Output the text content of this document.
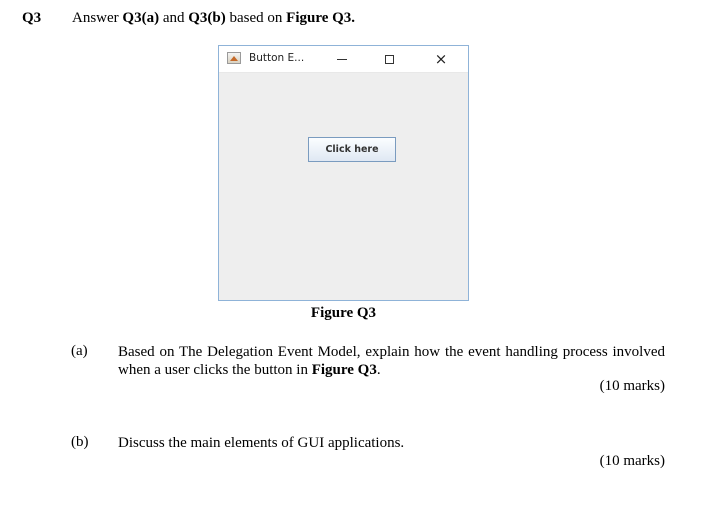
Q3 Answer Q3(a) and Q3(b) based on Figure Q3.
Button E...	×
Click here
Figure Q3
(a) Based on The Delegation Event Model, explain how the event handling process involved when a user clicks the button in Figure Q3.
(10 marks)
(b) Discuss the main elements of GUI applications.
(10 marks)
